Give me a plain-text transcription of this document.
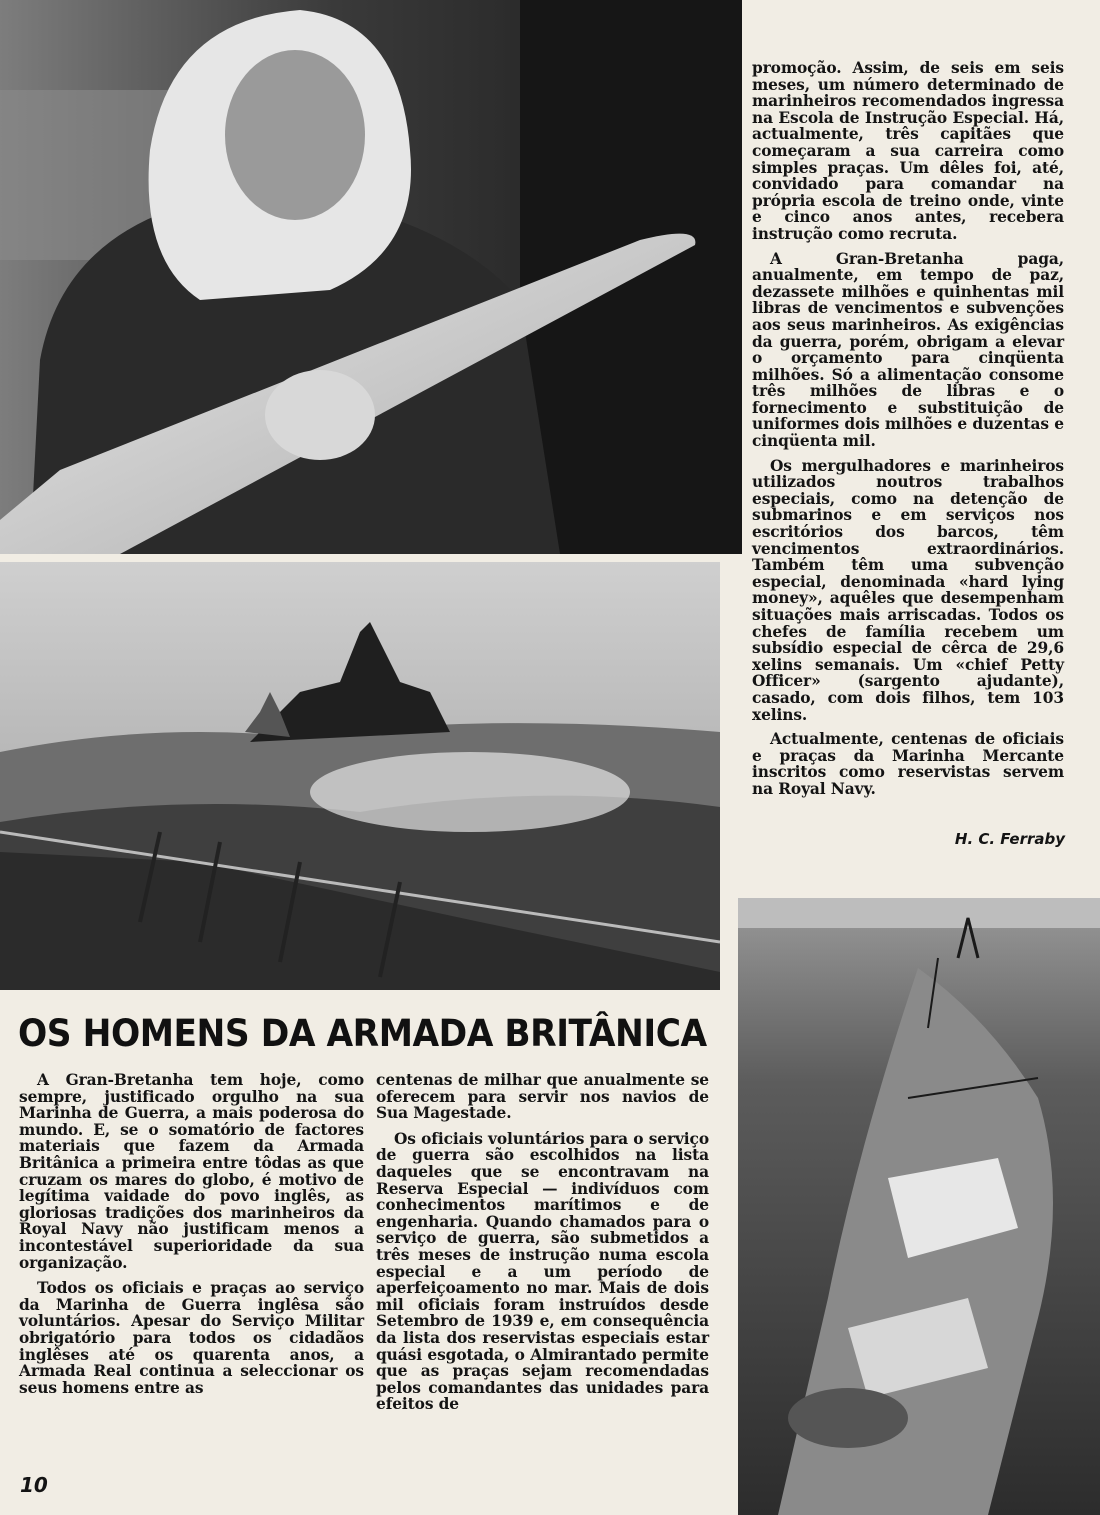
promoção. Assim, de seis em seis meses, um número determinado de marinheiros recomendados ingressa na Escola de Instrução Especial. Há, actualmente, três capitães que começaram a sua carreira como simples praças. Um dêles foi, até, convidado para comandar na própria escola de treino onde, vinte e cinco anos antes, recebera instrução como recruta.

A Gran-Bretanha paga, anualmente, em tempo de paz, dezassete milhões e quinhentas mil libras de vencimentos e subvenções aos seus marinheiros. As exigências da guerra, porém, obrigam a elevar o orçamento para cinqüenta milhões. Só a alimentação consome três milhões de libras e o fornecimento e substituição de uniformes dois milhões e duzentas e cinqüenta mil.

Os mergulhadores e marinheiros utilizados noutros trabalhos especiais, como na detenção de submarinos e em serviços nos escritórios dos barcos, têm vencimentos extraordinários. Também têm uma subvenção especial, denominada «hard lying money», aquêles que desempenham situações mais arriscadas. Todos os chefes de família recebem um subsídio especial de cêrca de 29,6 xelins semanais. Um «chief Petty Officer» (sargento ajudante), casado, com dois filhos, tem 103 xelins.

Actualmente, centenas de oficiais e praças da Marinha Mercante inscritos como reservistas servem na Royal Navy.

H. C. Ferraby
OS HOMENS DA ARMADA BRITÂNICA

A Gran-Bretanha tem hoje, como sempre, justificado orgulho na sua Marinha de Guerra, a mais poderosa do mundo. E, se o somatório de factores materiais que fazem da Armada Britânica a primeira entre tôdas as que cruzam os mares do globo, é motivo de legítima vaidade do povo inglês, as gloriosas tradições dos marinheiros da Royal Navy não justificam menos a incontestável superioridade da sua organização.

Todos os oficiais e praças ao serviço da Marinha de Guerra inglêsa são voluntários. Apesar do Serviço Militar obrigatório para todos os cidadãos inglêses até os quarenta anos, a Armada Real continua a seleccionar os seus homens entre as

centenas de milhar que anualmente se oferecem para servir nos navios de Sua Magestade.

Os oficiais voluntários para o serviço de guerra são escolhidos na lista daqueles que se encontravam na Reserva Especial — indivíduos com conhecimentos marítimos e de engenharia. Quando chamados para o serviço de guerra, são submetidos a três meses de instrução numa escola especial e a um período de aperfeiçoamento no mar. Mais de dois mil oficiais foram instruídos desde Setembro de 1939 e, em consequência da lista dos reservistas especiais estar quási esgotada, o Almirantado permite que as praças sejam recomendadas pelos comandantes das unidades para efeitos de

10
